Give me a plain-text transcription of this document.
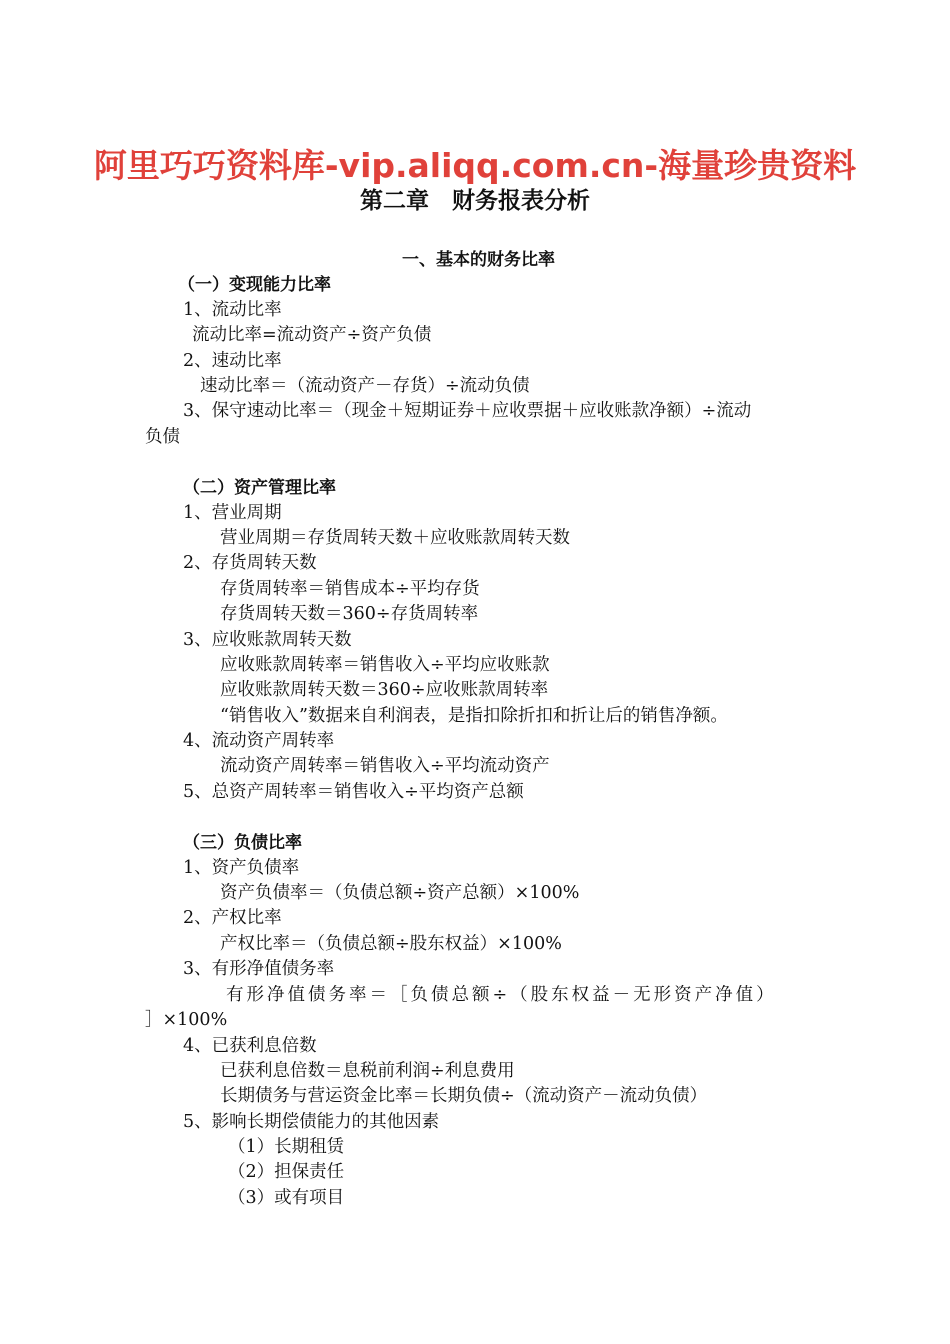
阿里巧巧资料库-vip.aliqq.com.cn-海量珍贵资料
第二章　财务报表分析
一、基本的财务比率
（一）变现能力比率
1、流动比率
流动比率=流动资产÷资产负债
2、速动比率
速动比率＝（流动资产－存货）÷流动负债
3、保守速动比率＝（现金＋短期证券＋应收票据＋应收账款净额）÷流动
负债
（二）资产管理比率
1、营业周期
营业周期＝存货周转天数＋应收账款周转天数
2、存货周转天数
存货周转率＝销售成本÷平均存货
存货周转天数＝360÷存货周转率
3、应收账款周转天数
应收账款周转率＝销售收入÷平均应收账款
应收账款周转天数＝360÷应收账款周转率
“销售收入”数据来自利润表，是指扣除折扣和折让后的销售净额。
4、流动资产周转率
流动资产周转率＝销售收入÷平均流动资产
5、总资产周转率＝销售收入÷平均资产总额
（三）负债比率
1、资产负债率
资产负债率＝（负债总额÷资产总额）×100%
2、产权比率
产权比率＝（负债总额÷股东权益）×100%
3、有形净值债务率
有形净值债务率＝［负债总额÷（股东权益－无形资产净值）
］×100%
4、已获利息倍数
已获利息倍数＝息税前利润÷利息费用
长期债务与营运资金比率＝长期负债÷（流动资产－流动负债）
5、影响长期偿债能力的其他因素
（1）长期租赁
（2）担保责任
（3）或有项目
